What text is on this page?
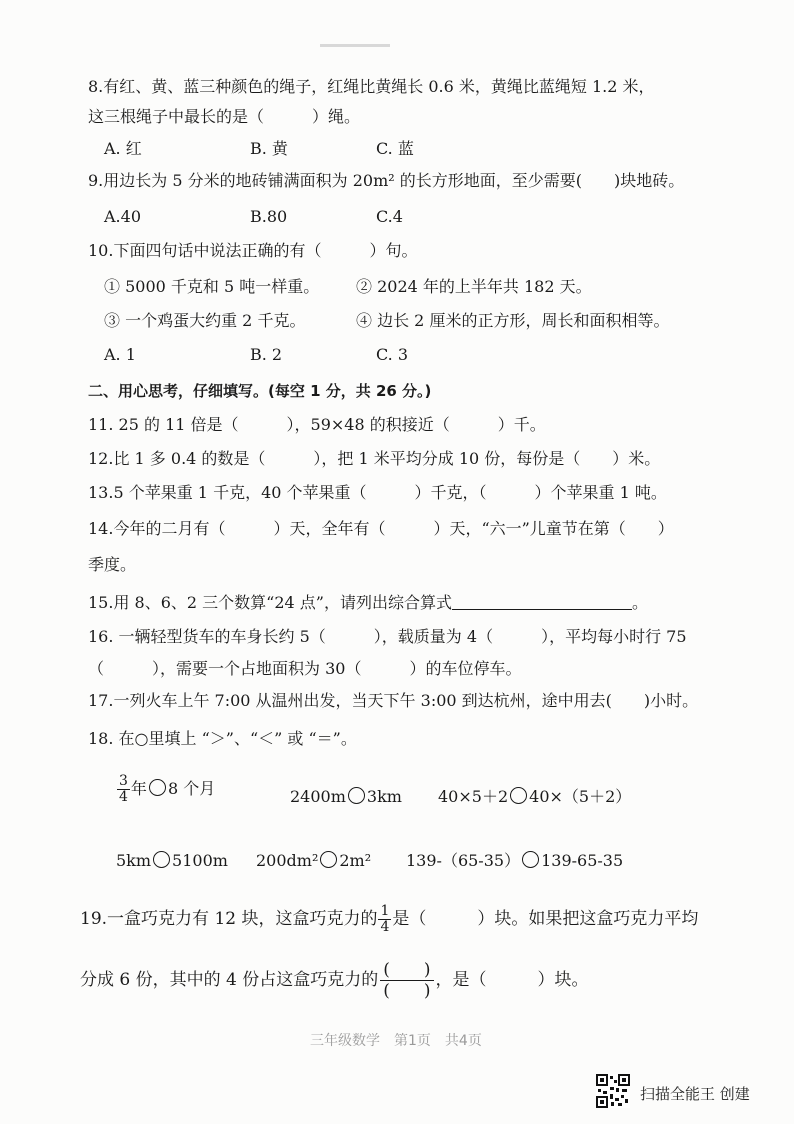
8.有红、黄、蓝三种颜色的绳子，红绳比黄绳长 0.6 米，黄绳比蓝绳短 1.2 米，
这三根绳子中最长的是（　　　）绳。
A. 红	B. 黄	C. 蓝
9.用边长为 5 分米的地砖铺满面积为 20m² 的长方形地面，至少需要(　　)块地砖。
A.40	B.80	C.4
10.下面四句话中说法正确的有（　　　）句。
① 5000 千克和 5 吨一样重。 ② 2024 年的上半年共 182 天。
③ 一个鸡蛋大约重 2 千克。	④ 边长 2 厘米的正方形，周长和面积相等。
A. 1	B. 2	C. 3
二、用心思考，仔细填写。(每空 1 分，共 26 分。)
11. 25 的 11 倍是（　　　），59×48 的积接近（　　　）千。
12.比 1 多 0.4 的数是（　　　），把 1 米平均分成 10 份，每份是（　　）米。
13.5 个苹果重 1 千克，40 个苹果重（　　　）千克，（　　　）个苹果重 1 吨。
14.今年的二月有（　　　）天，全年有（　　　）天，“六一”儿童节在第（　　）
季度。
15.用 8、6、2 三个数算“24 点”，请列出综合算式	。
16. 一辆轻型货车的车身长约 5（　　　），载质量为 4（　　　），平均每小时行 75
（　　　），需要一个占地面积为 30（　　　）的车位停车。
17.一列火车上午 7:00 从温州出发，当天下午 3:00 到达杭州，途中用去(　　)小时。
18. 在○里填上 “＞”、“＜” 或 “＝”。
$\frac{3}{4}$ 年 8 个月	2400m 3km 40×5＋2 40×（5＋2）
5km 5100m 200dm² 2m² 139-（65-35） 139-65-35
19.一盒巧克力有 12 块，这盒巧克力的 $\frac{1}{4}$ 是（　　　）块。如果把这盒巧克力平均
分成 6 份，其中的 4 份占这盒巧克力的 $\frac{( )}{( )}$ ，是（　　　）块。
三年级数学　第1页　共4页
扫描全能王 创建
